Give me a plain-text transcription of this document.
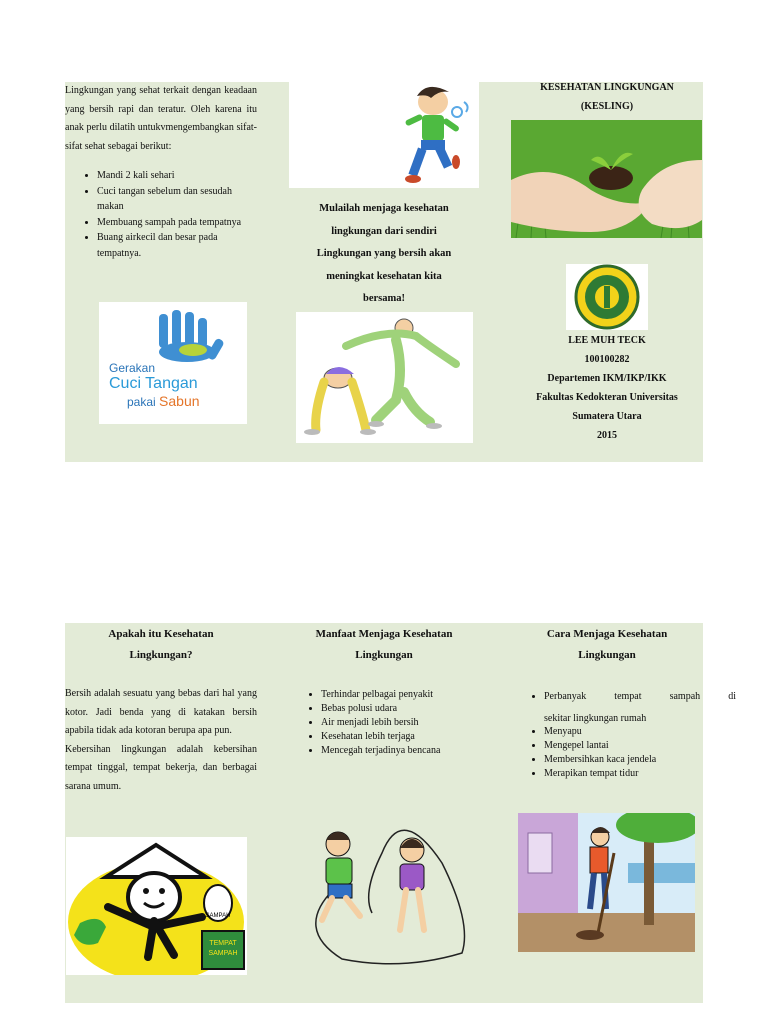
Lingkungan yang sehat terkait dengan keadaan yang bersih rapi dan teratur. Oleh karena itu anak perlu dilatih untukvmengembangkan sifat-sifat sehat sebagai berikut:
• Mandi 2 kali sehari
• Cuci tangan sebelum dan sesudah makan
• Membuang sampah pada tempatnya
• Buang airkecil dan besar pada tempatnya.
Gerakan
Cuci Tangan
pakai Sabun
Mulailah menjaga kesehatan
lingkungan dari sendiri
Lingkungan yang bersih akan
meningkat kesehatan kita
bersama!
KESEHATAN LINGKUNGAN
(KESLING)
LEE MUH TECK
100100282
Departemen IKM/IKP/IKK
Fakultas Kedokteran Universitas
Sumatera Utara
2015
Apakah itu Kesehatan
Lingkungan?

Bersih adalah sesuatu yang bebas dari hal yang kotor. Jadi benda yang di katakan bersih apabila tidak ada kotoran berupa apa pun.

Kebersihan lingkungan adalah kebersihan tempat tinggal, tempat bekerja, dan berbagai sarana umum.

SAMPAH
TEMPAT
SAMPAH
Manfaat Menjaga Kesehatan
Lingkungan
• Terhindar pelbagai penyakit
• Bebas polusi udara
• Air menjadi lebih bersih
• Kesehatan lebih terjaga
• Mencegah terjadinya bencana
Cara Menjaga Kesehatan
Lingkungan
• Perbanyak tempat sampah di
sekitar lingkungan rumah
• Menyapu
• Mengepel lantai
• Membersihkan kaca jendela
• Merapikan tempat tidur
